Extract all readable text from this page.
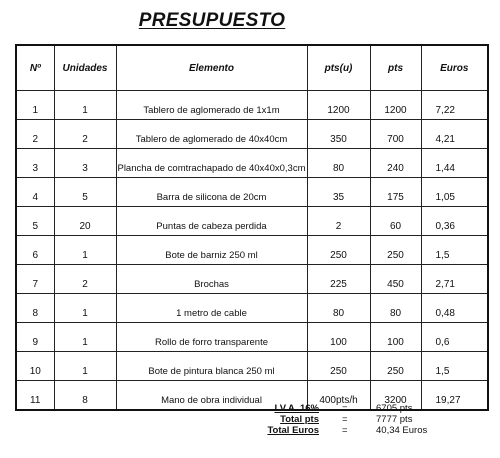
PRESUPUESTO
Nº	Unidades	Elemento	pts(u)	pts	Euros
1	1	Tablero de aglomerado de 1x1m	1200	1200	7,22
2	2	Tablero de aglomerado de 40x40cm	350	700	4,21
3	3	Plancha de comtrachapado de 40x40x0,3cm	80	240	1,44
4	5	Barra de silicona de 20cm	35	175	1,05
5	20	Puntas de cabeza perdida	2	60	0,36
6	1	Bote de barniz 250 ml	250	250	1,5
7	2	Brochas	225	450	2,71
8	1	1 metro de cable	80	80	0,48
9	1	Rollo de forro transparente	100	100	0,6
10	1	Bote de pintura blanca 250 ml	250	250	1,5
11	8	Mano de obra individual	400pts/h	3200	19,27
I.V.A. 16% =	6705 pts
Total pts =	7777 pts
Total Euros =	40,34 Euros
